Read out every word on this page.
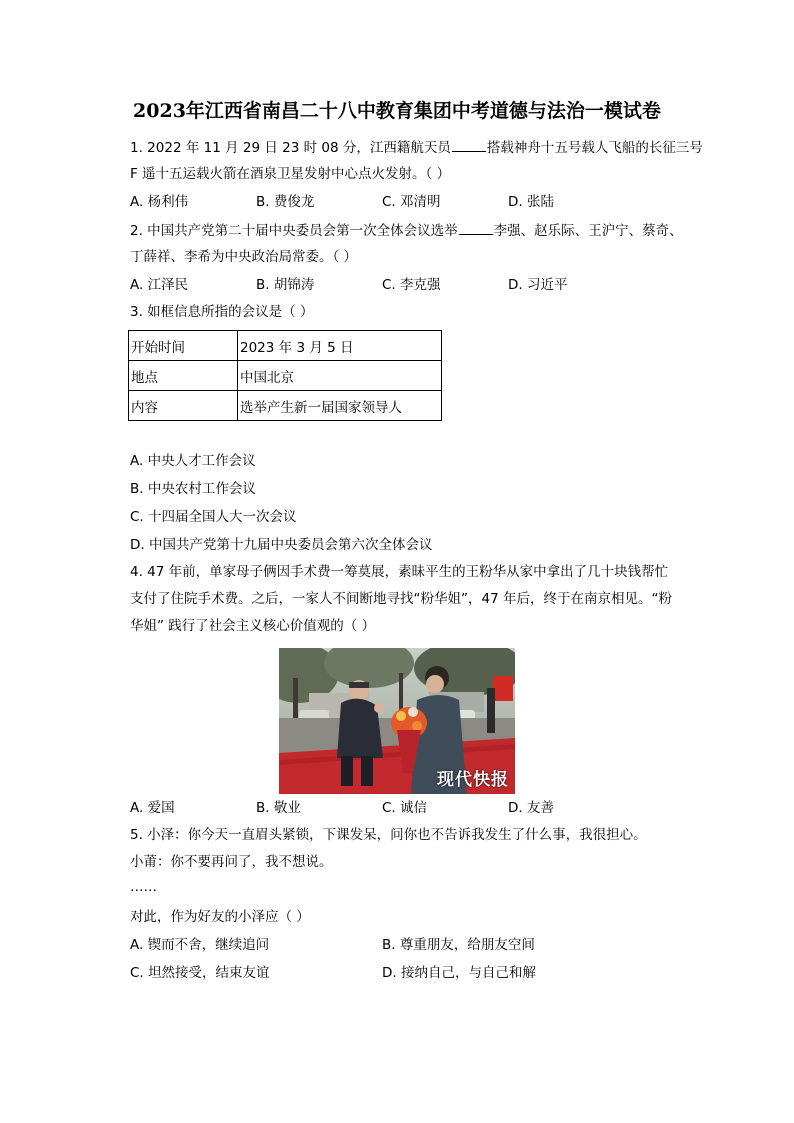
2023年江西省南昌二十八中教育集团中考道德与法治一模试卷
1. 2022 年 11 月 29 日 23 时 08 分，江西籍航天员	搭载神舟十五号载人飞船的长征三号
F 遥十五运载火箭在酒泉卫星发射中心点火发射。（ ）
A. 杨利伟	B. 费俊龙	C. 邓清明	D. 张陆
2. 中国共产党第二十届中央委员会第一次全体会议选举	李强、赵乐际、王沪宁、蔡奇、
丁薛祥、李希为中央政治局常委。（ ）
A. 江泽民	B. 胡锦涛	C. 李克强	D. 习近平
3. 如框信息所指的会议是（ ）
开始时间	2023 年 3 月 5 日
地点	中国北京
内容	选举产生新一届国家领导人
A. 中央人才工作会议
B. 中央农村工作会议
C. 十四届全国人大一次会议
D. 中国共产党第十九届中央委员会第六次全体会议
4. 47 年前，单家母子俩因手术费一筹莫展，素昧平生的王粉华从家中拿出了几十块钱帮忙
支付了住院手术费。之后，一家人不间断地寻找“粉华姐”，47 年后，终于在南京相见。“粉
华姐” 践行了社会主义核心价值观的（ ）
现代快报
A. 爱国	B. 敬业	C. 诚信	D. 友善
5. 小泽：你今天一直眉头紧锁，下课发呆，问你也不告诉我发生了什么事，我很担心。
小莆：你不要再问了，我不想说。
……
对此，作为好友的小泽应（ ）
A. 锲而不舍，继续追问	B. 尊重朋友，给朋友空间
C. 坦然接受，结束友谊	D. 接纳自己，与自己和解
